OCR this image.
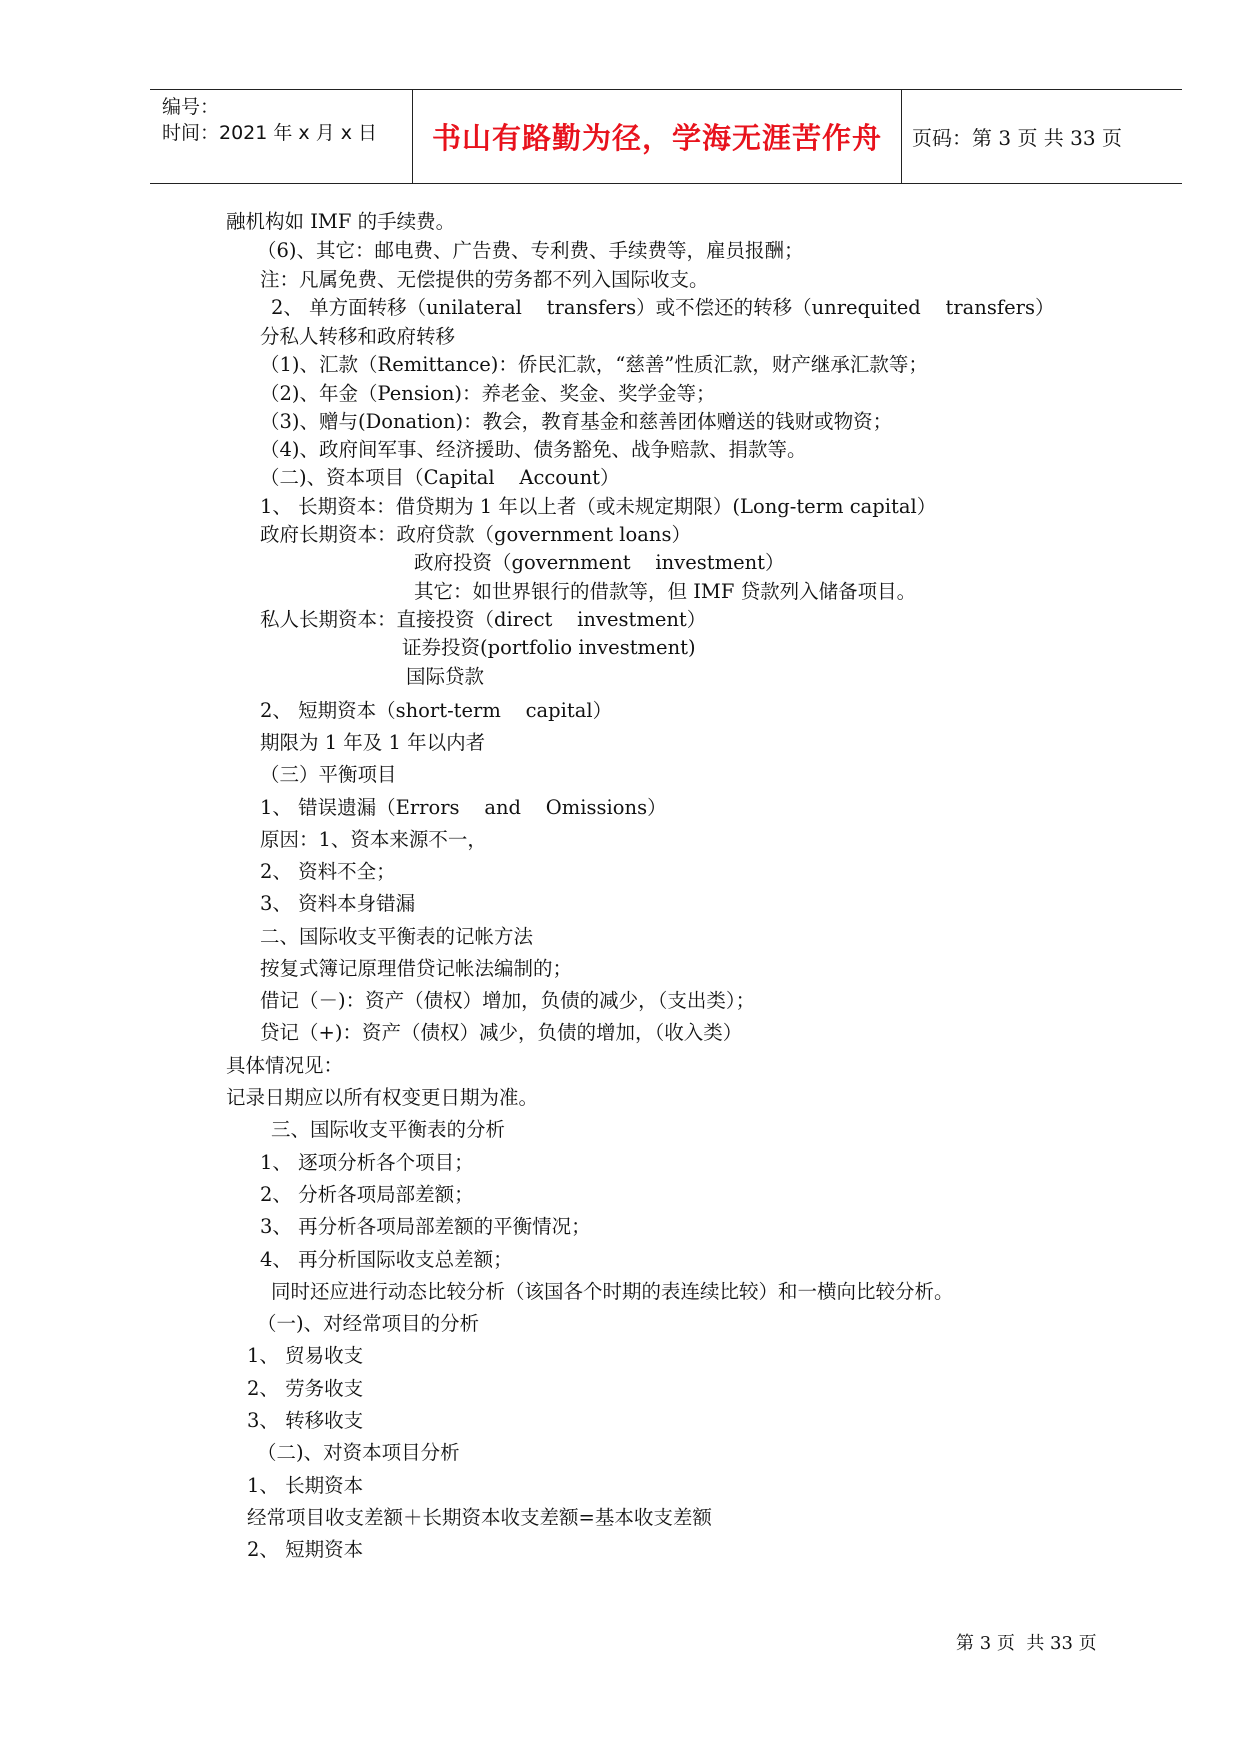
编号：
时间：2021 年 x 月 x 日 书山有路勤为径，学海无涯苦作舟 页码：第 3 页 共 33 页
融机构如 IMF 的手续费。
（6)、其它：邮电费、广告费、专利费、手续费等，雇员报酬；
注：凡属免费、无偿提供的劳务都不列入国际收支。
2、 单方面转移（unilateral    transfers）或不偿还的转移（unrequited    transfers）
分私人转移和政府转移
（1)、汇款（Remittance)：侨民汇款，“慈善”性质汇款，财产继承汇款等；
（2)、年金（Pension)：养老金、奖金、奖学金等；
（3)、赠与(Donation)：教会，教育基金和慈善团体赠送的钱财或物资；
（4)、政府间军事、经济援助、债务豁免、战争赔款、捐款等。
（二)、资本项目（Capital    Account）
1、 长期资本：借贷期为 1 年以上者（或未规定期限）(Long-term capital）
政府长期资本：政府贷款（government loans）
政府投资（government    investment）
其它：如世界银行的借款等，但 IMF 贷款列入储备项目。
私人长期资本：直接投资（direct    investment）
证券投资(portfolio investment)
国际贷款
2、 短期资本（short-term    capital）
期限为 1 年及 1 年以内者
（三）平衡项目
1、 错误遗漏（Errors    and    Omissions）
原因：1、资本来源不一，
2、 资料不全；
3、 资料本身错漏
二、国际收支平衡表的记帐方法
按复式簿记原理借贷记帐法编制的；
借记（－)：资产（债权）增加，负债的减少，（支出类）；
贷记（+)：资产（债权）减少，负债的增加，（收入类）
具体情况见：
记录日期应以所有权变更日期为准。
三、国际收支平衡表的分析
1、 逐项分析各个项目；
2、 分析各项局部差额；
3、 再分析各项局部差额的平衡情况；
4、 再分析国际收支总差额；
同时还应进行动态比较分析（该国各个时期的表连续比较）和一横向比较分析。
（一)、对经常项目的分析
1、 贸易收支
2、 劳务收支
3、 转移收支
（二)、对资本项目分析
1、 长期资本
经常项目收支差额＋长期资本收支差额=基本收支差额
2、 短期资本
第 3 页  共 33 页
